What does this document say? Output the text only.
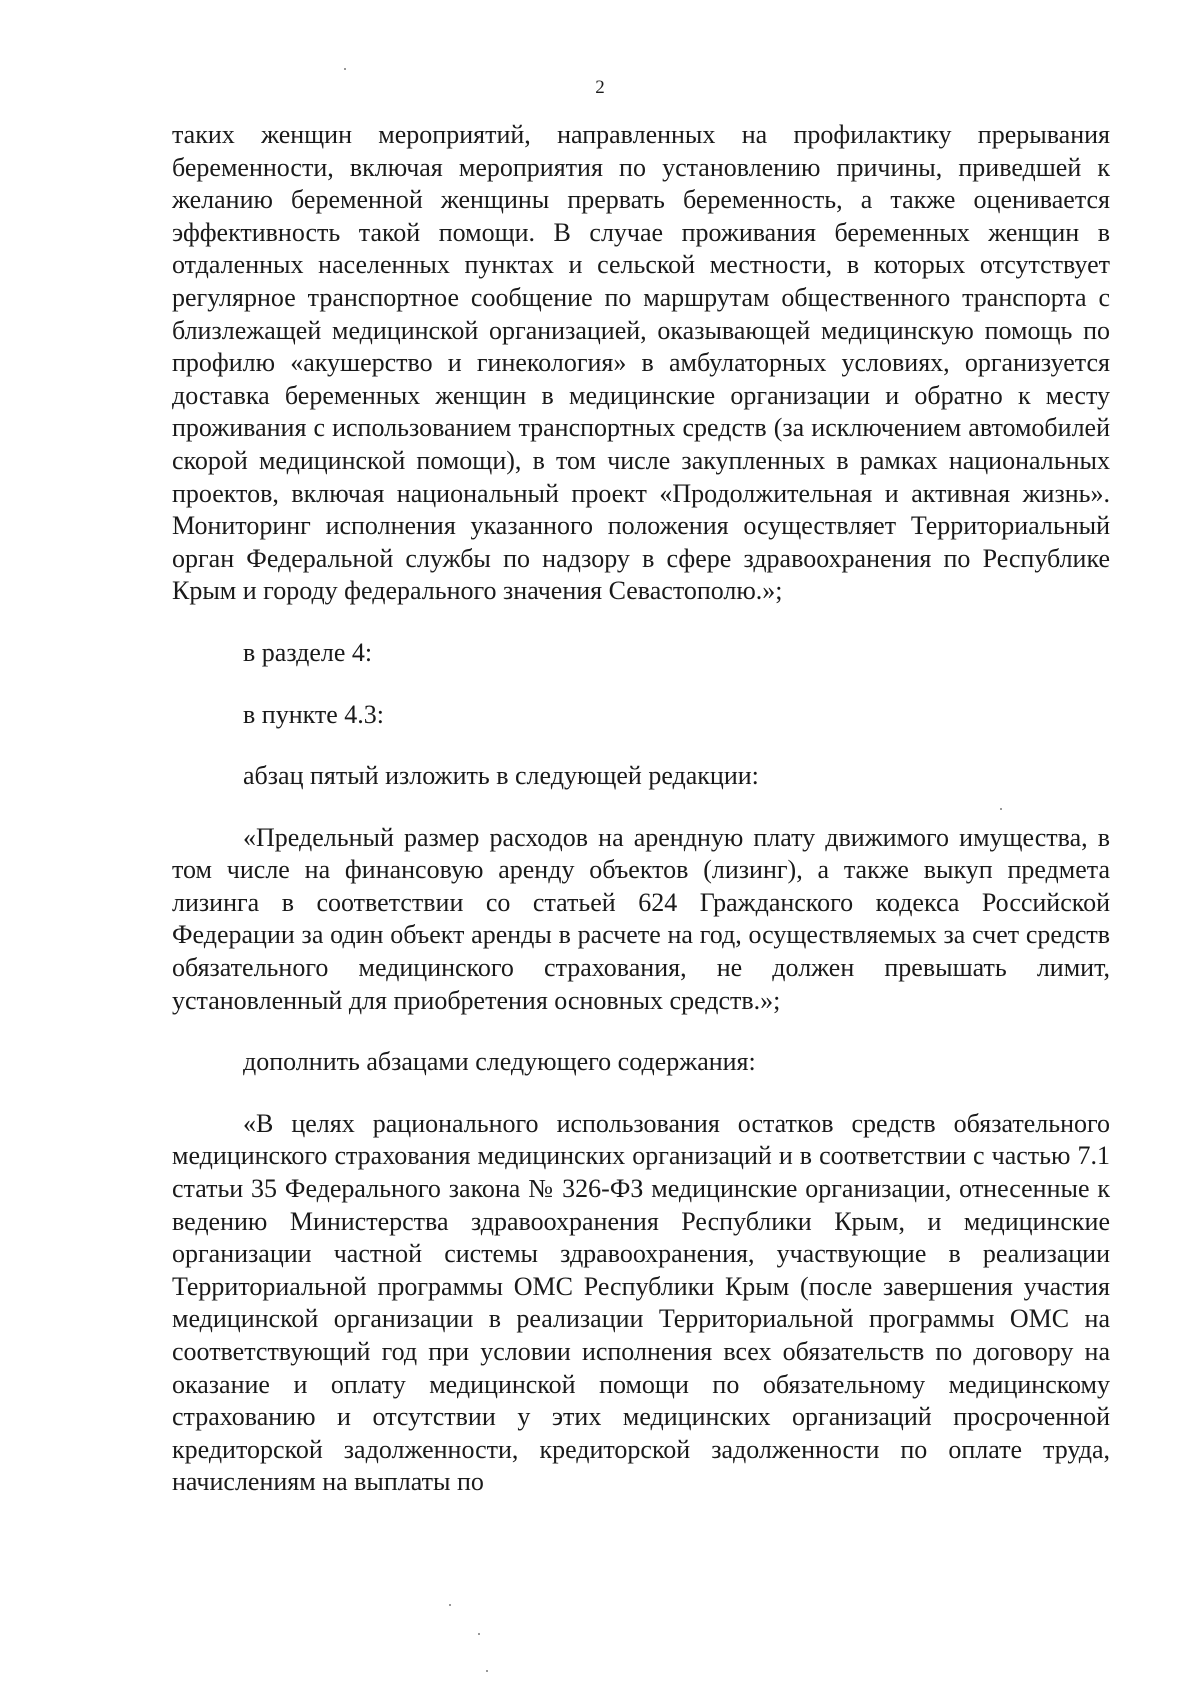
2

таких женщин мероприятий, направленных на профилактику прерывания беременности, включая мероприятия по установлению причины, приведшей к желанию беременной женщины прервать беременность, а также оценивается эффективность такой помощи. В случае проживания беременных женщин в отдаленных населенных пунктах и сельской местности, в которых отсутствует регулярное транспортное сообщение по маршрутам общественного транспорта с близлежащей медицинской организацией, оказывающей медицинскую помощь по профилю «акушерство и гинекология» в амбулаторных условиях, организуется доставка беременных женщин в медицинские организации и обратно к месту проживания с использованием транспортных средств (за исключением автомобилей скорой медицинской помощи), в том числе закупленных в рамках национальных проектов, включая национальный проект «Продолжительная и активная жизнь». Мониторинг исполнения указанного положения осуществляет Территориальный орган Федеральной службы по надзору в сфере здравоохранения по Республике Крым и городу федерального значения Севастополю.»;

в разделе 4:

в пункте 4.3:

абзац пятый изложить в следующей редакции:

«Предельный размер расходов на арендную плату движимого имущества, в том числе на финансовую аренду объектов (лизинг), а также выкуп предмета лизинга в соответствии со статьей 624 Гражданского кодекса Российской Федерации за один объект аренды в расчете на год, осуществляемых за счет средств обязательного медицинского страхования, не должен превышать лимит, установленный для приобретения основных средств.»;

дополнить абзацами следующего содержания:

«В целях рационального использования остатков средств обязательного медицинского страхования медицинских организаций и в соответствии с частью 7.1 статьи 35 Федерального закона № 326-ФЗ медицинские организации, отнесенные к ведению Министерства здравоохранения Республики Крым, и медицинские организации частной системы здравоохранения, участвующие в реализации Территориальной программы ОМС Республики Крым (после завершения участия медицинской организации в реализации Территориальной программы ОМС на соответствующий год при условии исполнения всех обязательств по договору на оказание и оплату медицинской помощи по обязательному медицинскому страхованию и отсутствии у этих медицинских организаций просроченной кредиторской задолженности, кредиторской задолженности по оплате труда, начислениям на выплаты по
